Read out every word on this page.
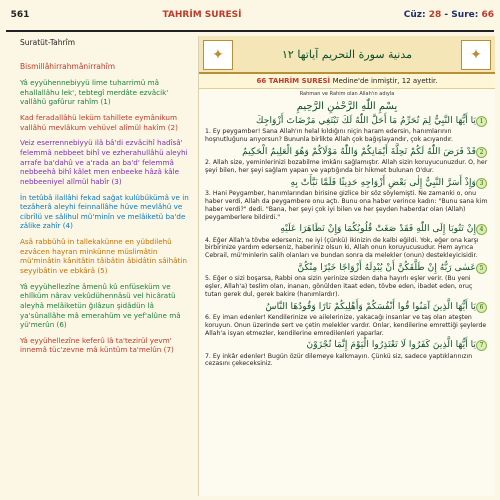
561	TAHRİM SURESİ	Cüz: 28 - Sure: 66
Suratüt-Tahrîm
Bismillâhirrahmânirrahîm
Yâ eyyühennebiyyü lime tuharrimü mâ ehallallâhu lek', tebtegî merdâte ezvâcik' vallâhü gafûrur rahîm (1)
Kad feradallâhü leküm tahillete eymânikum vallâhü mevlâkum vehüvel alîmül hakîm (2)
Veiz eserrennebiyyü ilâ bâ'di ezvâcihî hadîsâ' felemmâ nebbeet bihî ve ezherahullâhü aleyhi arrafe ba'dahû ve a'rada an ba'd' felemmâ nebbeehâ bihî kâlet men enbeeke hâzâ kâle nebbeeniyel alîmül habîr (3)
İn tetûbâ ilallâhi fekad sağat kulûbükümâ ve in tezâherâ aleyhi feinnallâhe hüve mevlâhü ve cibrîlü ve sâlihul mü'minîn ve melâiketü ba'de zâlike zahîr (4)
Asâ rabbühû in tallekakünne en yübdilehû ezvâcen hayran minkünne müslimâtin mü'minâtin kânitâtin tâibâtin âbidâtin sâihâtin seyyibâtin ve ebkârâ (5)
Yâ eyyühellezîne âmenû kû enfüseküm ve ehlîküm nârav vekûdühennâsü vel hicâratü aleyhâ melâiketün ğılâzun şidâdün lâ ya'sûnallâhe mâ emerahüm ve yef'alûne mâ yü'merûn (6)
Yâ eyyühellezîne keferû lâ ta'tezirül yevm' innemâ tüc'zevne mâ küntüm ta'melûn (7)
✦	مدنية سورة التحريم آياتها ١٢	✦
66 TAHRİM SURESİ Medine'de inmiştir, 12 ayettir.
Rahman ve Rahim olan Allah'ın adıyla
بِسْمِ اللّٰهِ الرَّحْمٰنِ الرَّحِيمِ
1يَا أَيُّهَا النَّبِيُّ لِمَ تُحَرِّمُ مَا أَحَلَّ اللّٰهُ لَكَ تَبْتَغِي مَرْضَاتَ أَزْوَاجِكَ
1. Ey peygamber! Sana Allah'ın helal kıldığını niçin haram edersin, hanımlarının hoşnutluğunu arıyorsun? Bununla birlikte Allah çok bağışlayandır, çok acıyandır.
2قَدْ فَرَضَ اللّٰهُ لَكُمْ تَحِلَّةَ أَيْمَانِكُمْ وَاللّٰهُ مَوْلَاكُمْ وَهُوَ الْعَلِيمُ الْحَكِيمُ
2. Allah size, yeminlerinizi bozabilme imkânı sağlamıştır. Allah sizin koruyucunuzdur. O, her şeyi bilen, her şeyi sağlam yapan ve yaptığında bir hikmet bulunan O'dur.
3وَإِذْ أَسَرَّ النَّبِيُّ إِلٰى بَعْضِ أَزْوَاجِهِ حَدِيثًا فَلَمَّا نَبَّأَتْ بِهِ
3. Hani Peygamber, hanımlarından birisine gizlice bir söz söylemişti. Ne zamanki o, onu haber verdi, Allah da peygambere onu açtı. Bunu ona haber verince kadın: "Bunu sana kim haber verdi?" dedi. "Bana, her şeyi çok iyi bilen ve her şeyden haberdar olan (Allah) peygamberlere bildirdi."
4إِنْ تَتُوبَا إِلَى اللّٰهِ فَقَدْ صَغَتْ قُلُوبُكُمَا وَإِنْ تَظَاهَرَا عَلَيْهِ
4. Eğer Allah'a tövbe ederseniz, ne iyi (çünkü) ikinizin de kalbi eğildi. Yok, eğer ona karşı birbirinize yardım ederseniz, haberiniz olsun ki, Allah onun koruyucusudur. Hem ayrıca Cebrail, mü'minlerin salih olanları ve bundan sonra da melekler (onun) destekleyicisidir.
5عَسٰى رَبُّهُ إِنْ طَلَّقَكُنَّ أَنْ يُبْدِلَهُ أَزْوَاجًا خَيْرًا مِنْكُنَّ
5. Eğer o sizi boşarsa, Rabbi ona sizin yerinize sizden daha hayırlı eşler verir. (Bu yeni eşler, Allah'a) teslim olan, inanan, gönülden itaat eden, tövbe eden, ibadet eden, oruç tutan gerek dul, gerek bakire (hanımlardır).
6يَا أَيُّهَا الَّذِينَ آمَنُوا قُوا أَنْفُسَكُمْ وَأَهْلِيكُمْ نَارًا وَقُودُهَا النَّاسُ
6. Ey iman edenler! Kendilerinize ve ailelerinize, yakacağı insanlar ve taş olan ateşten koruyun. Onun üzerinde sert ve çetin melekler vardır. Onlar, kendilerine emrettiği şeylerde Allah'a isyan etmezler, kendilerine emredilenleri yaparlar.
7يَا أَيُّهَا الَّذِينَ كَفَرُوا لَا تَعْتَذِرُوا الْيَوْمَ إِنَّمَا تُجْزَوْنَ
7. Ey inkâr edenler! Bugün özür dilemeye kalkmayın. Çünkü siz, sadece yaptıklarınızın cezasını çekeceksiniz.
